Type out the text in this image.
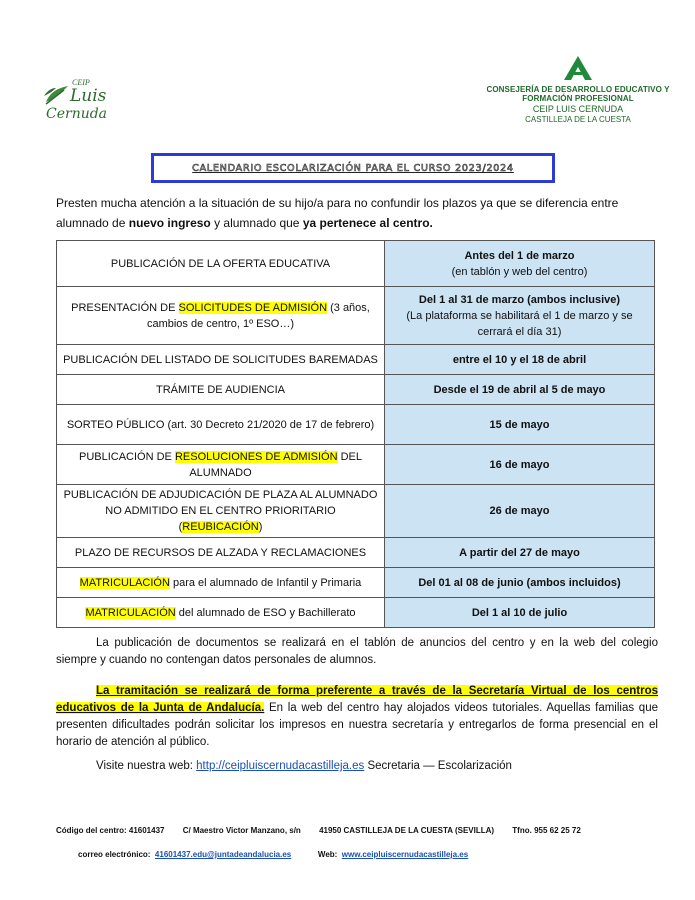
CEIP
Luis
Cernuda
CONSEJERÍA DE DESARROLLO EDUCATIVO Y
FORMACIÓN PROFESIONAL
CEIP LUIS CERNUDA
CASTILLEJA DE LA CUESTA
CALENDARIO ESCOLARIZACIÓN PARA EL CURSO 2023/2024
Presten mucha atención a la situación de su hijo/a para no confundir los plazos ya que se diferencia entre alumnado de nuevo ingreso y alumnado que ya pertenece al centro.
PUBLICACIÓN DE LA OFERTA EDUCATIVA	Antes del 1 de marzo
(en tablón y web del centro)

PRESENTACIÓN DE SOLICITUDES DE ADMISIÓN (3 años, cambios de centro, 1º ESO…)	Del 1 al 31 de marzo (ambos inclusive)
(La plataforma se habilitará el 1 de marzo y se cerrará el día 31)

PUBLICACIÓN DEL LISTADO DE SOLICITUDES BAREMADAS	entre el 10 y el 18 de abril

TRÁMITE DE AUDIENCIA	Desde el 19 de abril al 5 de mayo

SORTEO PÚBLICO (art. 30 Decreto 21/2020 de 17 de febrero)	15 de mayo

PUBLICACIÓN DE RESOLUCIONES DE ADMISIÓN DEL ALUMNADO	16 de mayo

PUBLICACIÓN DE ADJUDICACIÓN DE PLAZA AL ALUMNADO NO ADMITIDO EN EL CENTRO PRIORITARIO (REUBICACIÓN)	26 de mayo

PLAZO DE RECURSOS DE ALZADA Y RECLAMACIONES	A partir del 27 de mayo

MATRICULACIÓN para el alumnado de Infantil y Primaria	Del 01 al 08 de junio (ambos incluidos)

MATRICULACIÓN del alumnado de ESO y Bachillerato	Del 1 al 10 de julio
La publicación de documentos se realizará en el tablón de anuncios del centro y en la web del colegio siempre y cuando no contengan datos personales de alumnos.
La tramitación se realizará de forma preferente a través de la Secretaría Virtual de los centros educativos de la Junta de Andalucía. En la web del centro hay alojados videos tutoriales. Aquellas familias que presenten dificultades podrán solicitar los impresos en nuestra secretaría y entregarlos de forma presencial en el horario de atención al público.
Visite nuestra web: http://ceipluiscernudacastilleja.es Secretaria — Escolarización
Código del centro: 41601437 C/ Maestro Victor Manzano, s/n 41950 CASTILLEJA DE LA CUESTA (SEVILLA) Tfno. 955 62 25 72
correo electrónico: 41601437.edu@juntadeandalucia.es	Web: www.ceipluiscernudacastilleja.es
